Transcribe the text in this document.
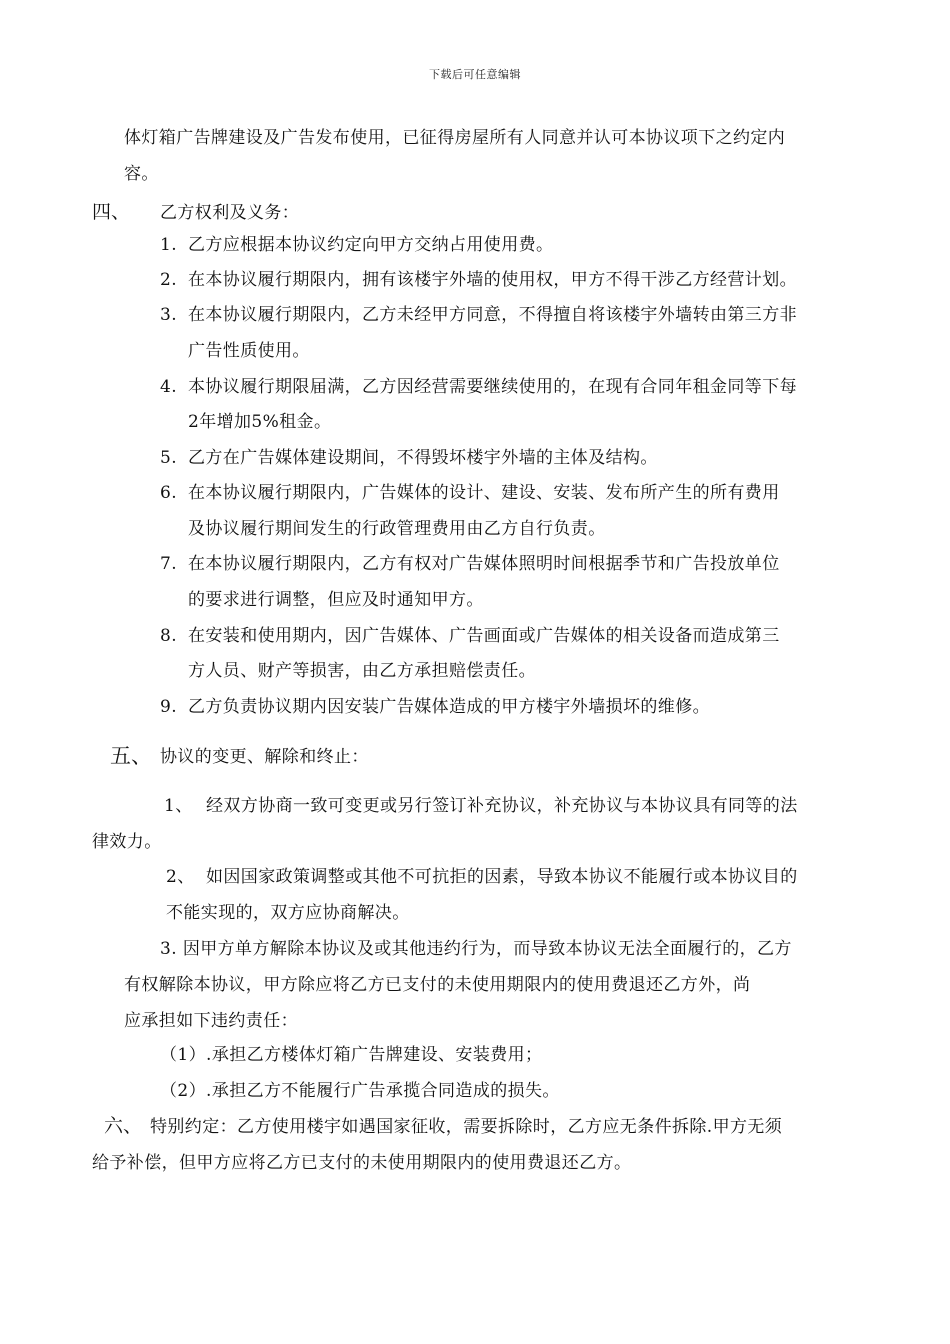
下载后可任意编辑
体灯箱广告牌建设及广告发布使用，已征得房屋所有人同意并认可本协议项下之约定内
容。
四、 乙方权利及义务：
1. 乙方应根据本协议约定向甲方交纳占用使用费。
2. 在本协议履行期限内，拥有该楼宇外墙的使用权，甲方不得干涉乙方经营计划。
3. 在本协议履行期限内，乙方未经甲方同意，不得擅自将该楼宇外墙转由第三方非
广告性质使用。
4. 本协议履行期限届满，乙方因经营需要继续使用的，在现有合同年租金同等下每
2年增加5%租金。
5. 乙方在广告媒体建设期间，不得毁坏楼宇外墙的主体及结构。
6. 在本协议履行期限内，广告媒体的设计、建设、安装、发布所产生的所有费用
及协议履行期间发生的行政管理费用由乙方自行负责。
7. 在本协议履行期限内，乙方有权对广告媒体照明时间根据季节和广告投放单位
的要求进行调整，但应及时通知甲方。
8. 在安装和使用期内，因广告媒体、广告画面或广告媒体的相关设备而造成第三
方人员、财产等损害，由乙方承担赔偿责任。
9. 乙方负责协议期内因安装广告媒体造成的甲方楼宇外墙损坏的维修。
五、 协议的变更、解除和终止：
1、 经双方协商一致可变更或另行签订补充协议，补充协议与本协议具有同等的法
律效力。
2、 如因国家政策调整或其他不可抗拒的因素，导致本协议不能履行或本协议目的
不能实现的，双方应协商解决。
3. 因甲方单方解除本协议及或其他违约行为，而导致本协议无法全面履行的，乙方
有权解除本协议，甲方除应将乙方已支付的未使用期限内的使用费退还乙方外，尚
应承担如下违约责任：
（1）.承担乙方楼体灯箱广告牌建设、安装费用；
（2）.承担乙方不能履行广告承揽合同造成的损失。
六、 特别约定：乙方使用楼宇如遇国家征收，需要拆除时，乙方应无条件拆除.甲方无须
给予补偿，但甲方应将乙方已支付的未使用期限内的使用费退还乙方。
